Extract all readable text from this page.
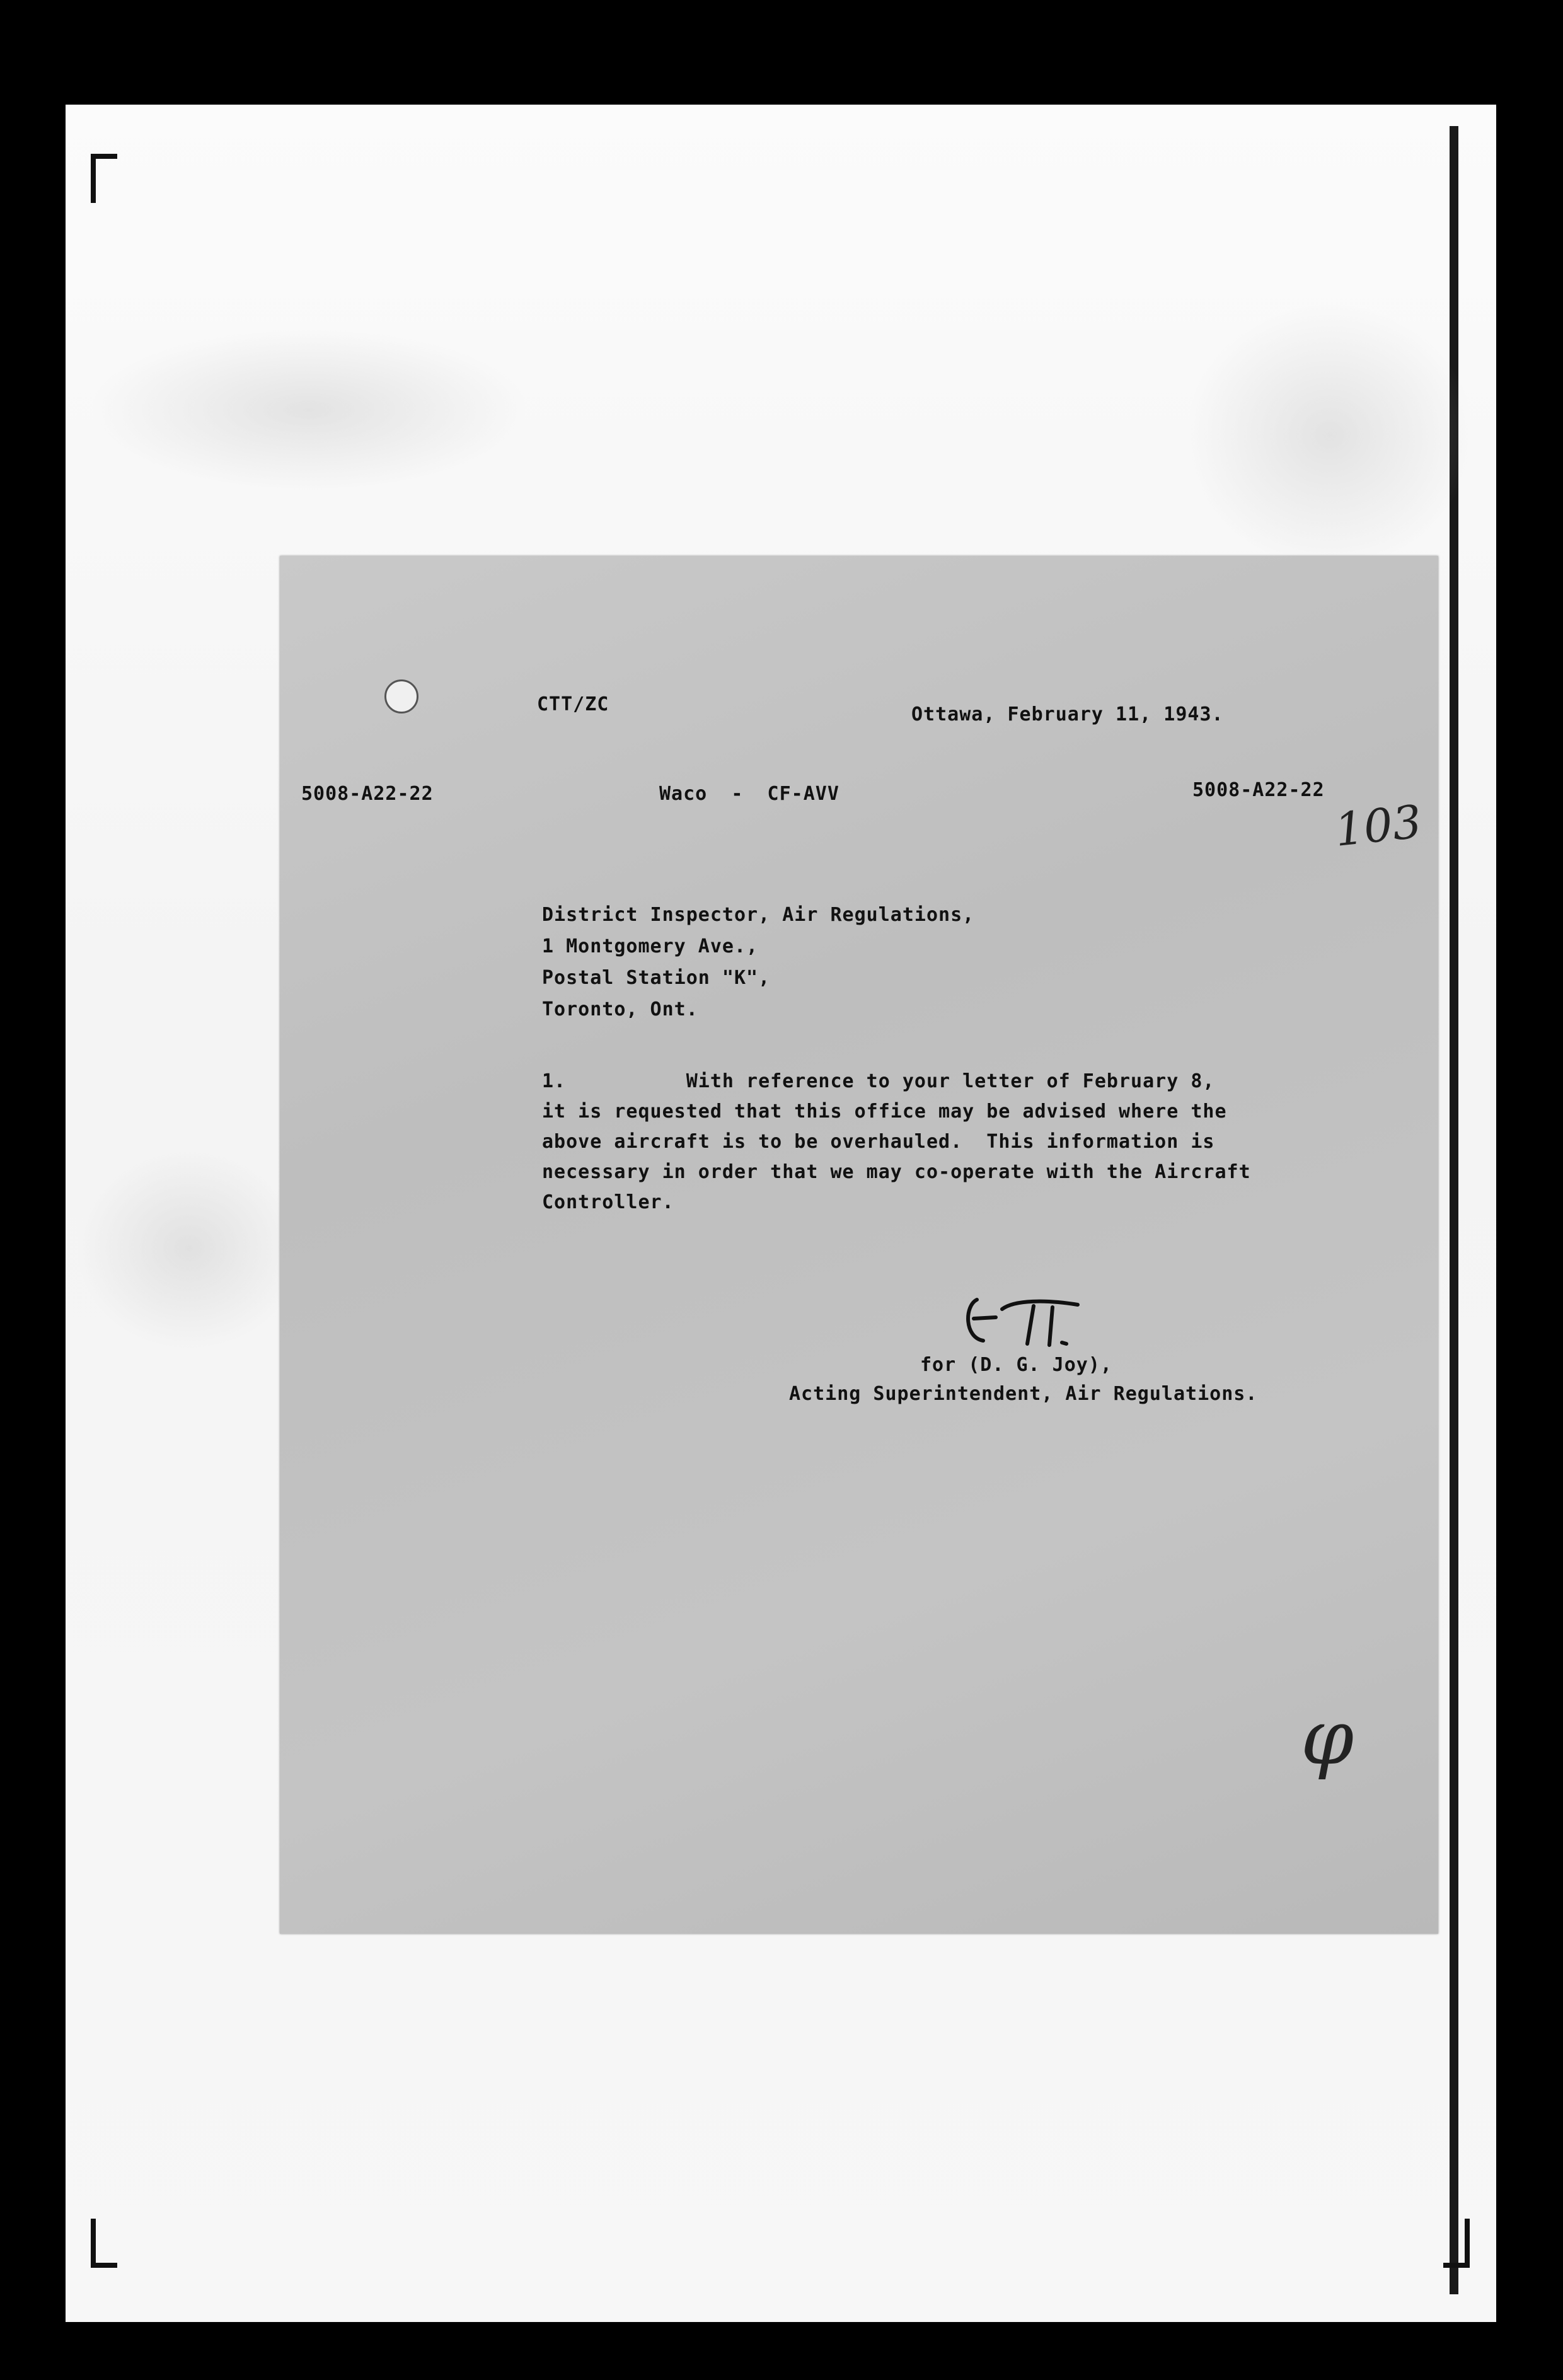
CTT/ZC	Ottawa, February 11, 1943.
5008-A22-22	Waco  -  CF-AVV	5008-A22-22
District Inspector, Air Regulations,
1 Montgomery Ave.,
Postal Station "K",
Toronto, Ont.
1.          With reference to your letter of February 8,
it is requested that this office may be advised where the
above aircraft is to be overhauled.  This information is
necessary in order that we may co-operate with the Aircraft
Controller.
for (D. G. Joy),
Acting Superintendent, Air Regulations.
103
φ
